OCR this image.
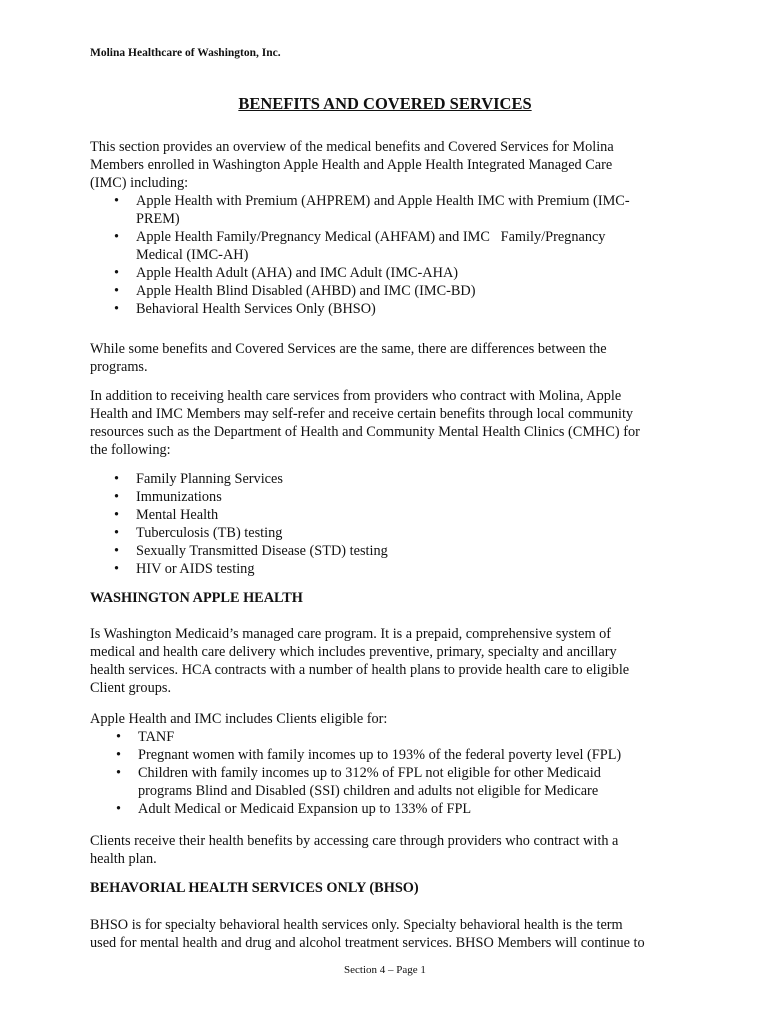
Molina Healthcare of Washington, Inc.
BENEFITS AND COVERED SERVICES

This section provides an overview of the medical benefits and Covered Services for Molina
Members enrolled in Washington Apple Health and Apple Health Integrated Managed Care
(IMC) including:

• Apple Health with Premium (AHPREM) and Apple Health IMC with Premium (IMC-
PREM)
• Apple Health Family/Pregnancy Medical (AHFAM) and IMC   Family/Pregnancy
Medical (IMC-AH)
• Apple Health Adult (AHA) and IMC Adult (IMC-AHA)
• Apple Health Blind Disabled (AHBD) and IMC (IMC-BD)
• Behavioral Health Services Only (BHSO)

While some benefits and Covered Services are the same, there are differences between the
programs.

In addition to receiving health care services from providers who contract with Molina, Apple
Health and IMC Members may self-refer and receive certain benefits through local community
resources such as the Department of Health and Community Mental Health Clinics (CMHC) for
the following:

• Family Planning Services
• Immunizations
• Mental Health
• Tuberculosis (TB) testing
• Sexually Transmitted Disease (STD) testing
• HIV or AIDS testing
WASHINGTON APPLE HEALTH

Is Washington Medicaid’s managed care program. It is a prepaid, comprehensive system of
medical and health care delivery which includes preventive, primary, specialty and ancillary
health services. HCA contracts with a number of health plans to provide health care to eligible
Client groups.

Apple Health and IMC includes Clients eligible for:

• TANF
• Pregnant women with family incomes up to 193% of the federal poverty level (FPL)
• Children with family incomes up to 312% of FPL not eligible for other Medicaid
programs Blind and Disabled (SSI) children and adults not eligible for Medicare
• Adult Medical or Medicaid Expansion up to 133% of FPL

Clients receive their health benefits by accessing care through providers who contract with a
health plan.

BEHAVORIAL HEALTH SERVICES ONLY (BHSO)

BHSO is for specialty behavioral health services only. Specialty behavioral health is the term
used for mental health and drug and alcohol treatment services. BHSO Members will continue to

Section 4 – Page 1
